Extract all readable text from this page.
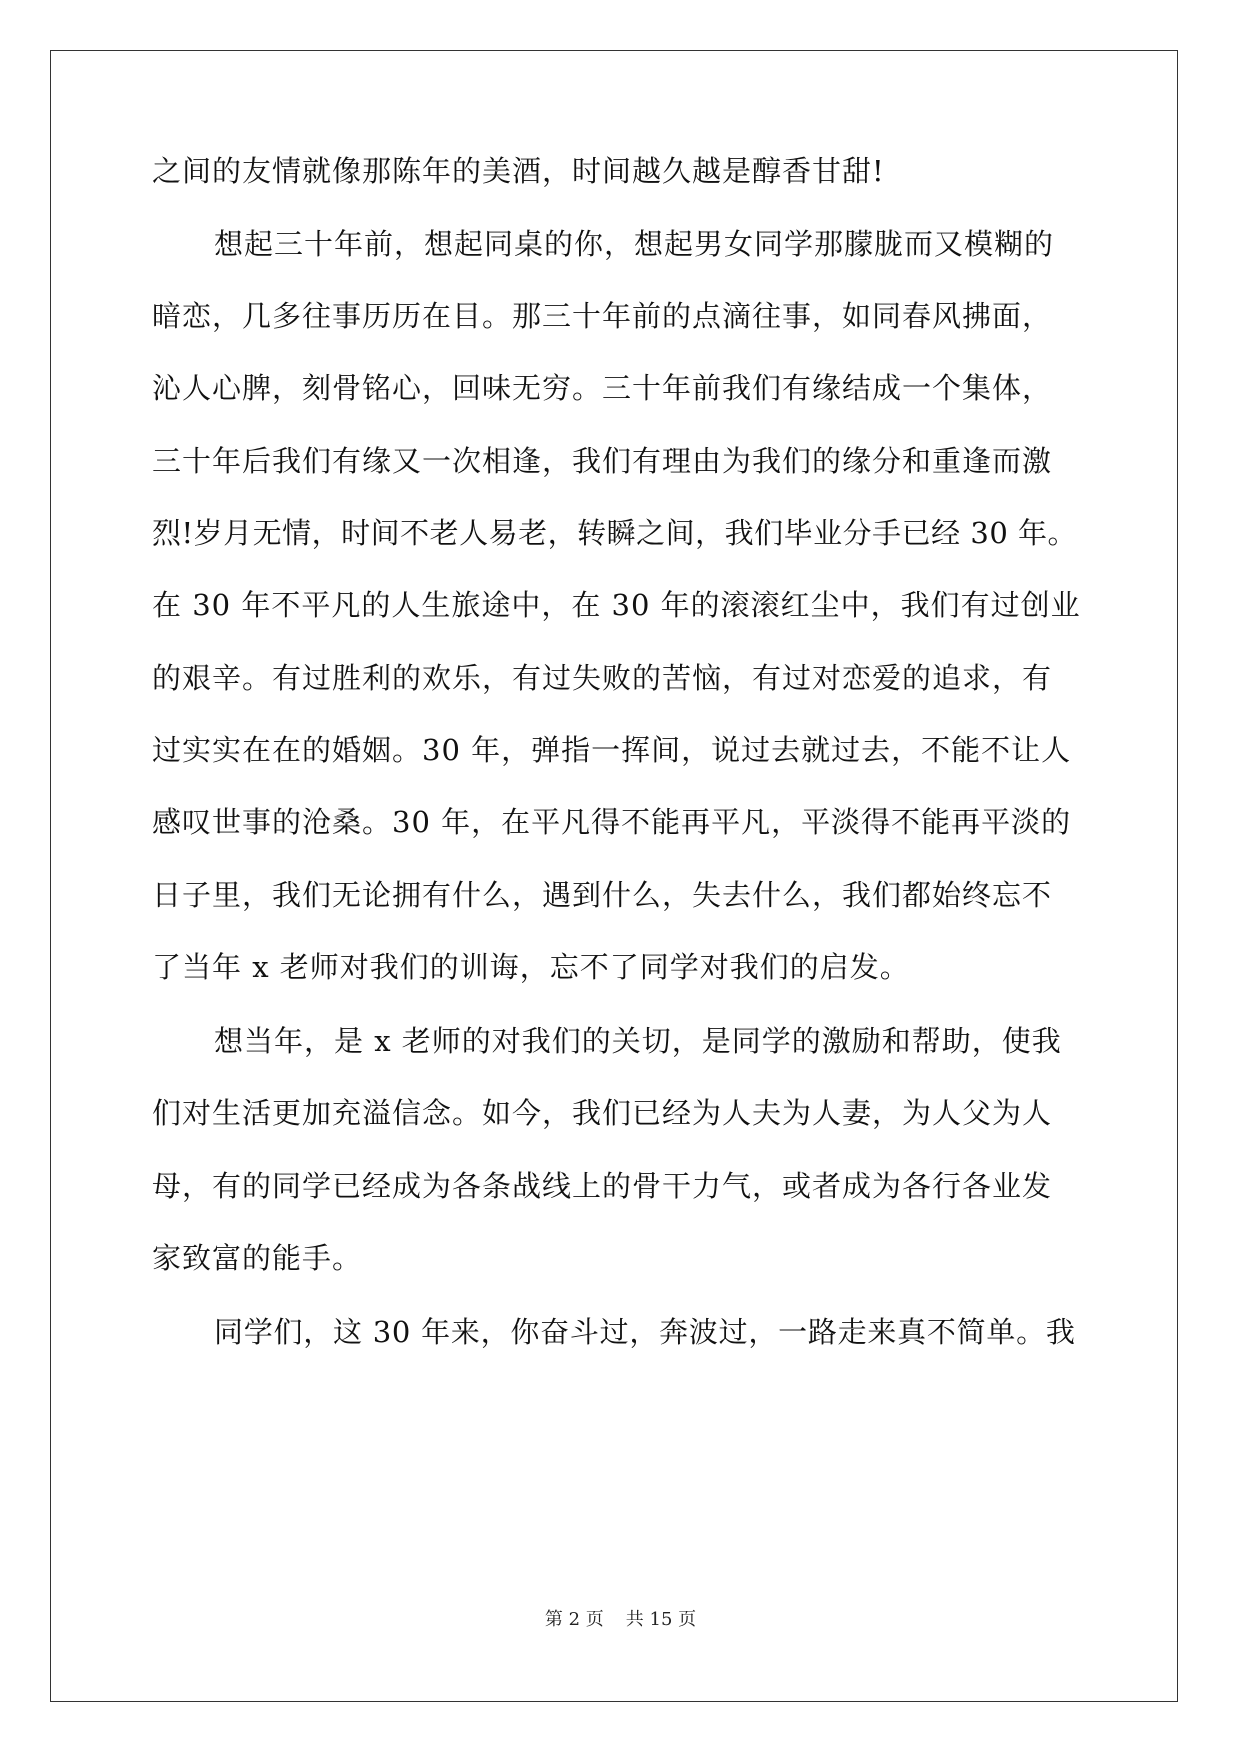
之间的友情就像那陈年的美酒，时间越久越是醇香甘甜!
想起三十年前，想起同桌的你，想起男女同学那朦胧而又模糊的
暗恋，几多往事历历在目。那三十年前的点滴往事，如同春风拂面，
沁人心脾，刻骨铭心，回味无穷。三十年前我们有缘结成一个集体，
三十年后我们有缘又一次相逢，我们有理由为我们的缘分和重逢而激
烈!岁月无情，时间不老人易老，转瞬之间，我们毕业分手已经 30 年。
在 30 年不平凡的人生旅途中，在 30 年的滚滚红尘中，我们有过创业
的艰辛。有过胜利的欢乐，有过失败的苦恼，有过对恋爱的追求，有
过实实在在的婚姻。30 年，弹指一挥间，说过去就过去，不能不让人
感叹世事的沧桑。30 年，在平凡得不能再平凡，平淡得不能再平淡的
日子里，我们无论拥有什么，遇到什么，失去什么，我们都始终忘不
了当年 x 老师对我们的训诲，忘不了同学对我们的启发。
想当年，是 x 老师的对我们的关切，是同学的激励和帮助，使我
们对生活更加充溢信念。如今，我们已经为人夫为人妻，为人父为人
母，有的同学已经成为各条战线上的骨干力气，或者成为各行各业发
家致富的能手。
同学们，这 30 年来，你奋斗过，奔波过，一路走来真不简单。我
第 2 页 共 15 页
